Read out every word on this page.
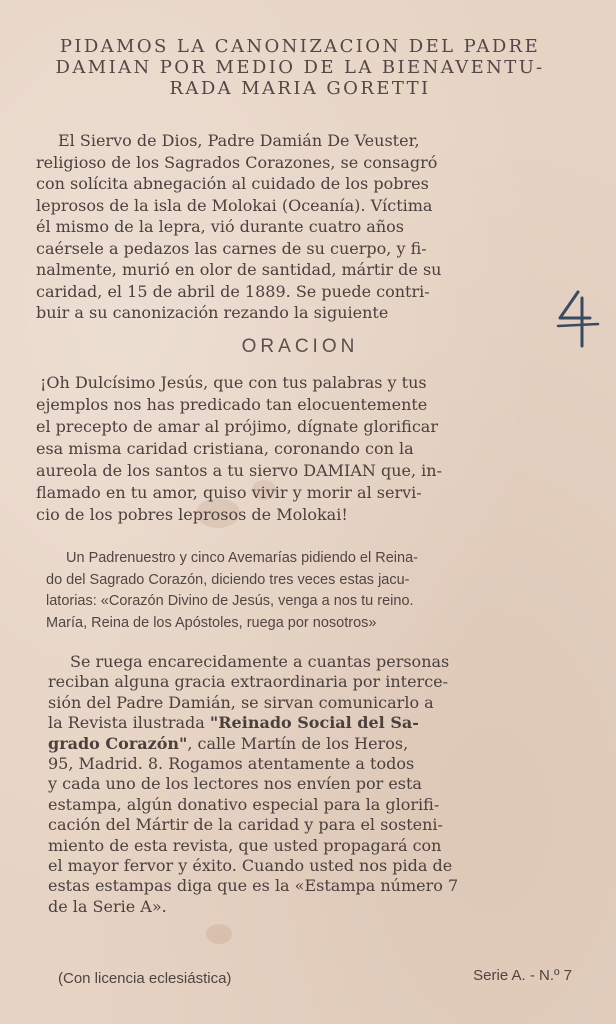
PIDAMOS LA CANONIZACION DEL PADRE
DAMIAN POR MEDIO DE LA BIENAVENTU-
RADA MARIA GORETTI
El Siervo de Dios, Padre Damián De Veuster,
religioso de los Sagrados Corazones, se consagró
con solícita abnegación al cuidado de los pobres
leprosos de la isla de Molokai (Oceanía). Víctima
él mismo de la lepra, vió durante cuatro años
caérsele a pedazos las carnes de su cuerpo, y fi-
nalmente, murió en olor de santidad, mártir de su
caridad, el 15 de abril de 1889. Se puede contri-
buir a su canonización rezando la siguiente
ORACION
¡Oh Dulcísimo Jesús, que con tus palabras y tus
ejemplos nos has predicado tan elocuentemente
el precepto de amar al prójimo, dígnate glorificar
esa misma caridad cristiana, coronando con la
aureola de los santos a tu siervo DAMIAN que, in-
flamado en tu amor, quiso vivir y morir al servi-
cio de los pobres leprosos de Molokai!
Un Padrenuestro y cinco Avemarías pidiendo el Reina-
do del Sagrado Corazón, diciendo tres veces estas jacu-
latorias: «Corazón Divino de Jesús, venga a nos tu reino.
María, Reina de los Apóstoles, ruega por nosotros»
Se ruega encarecidamente a cuantas personas
reciban alguna gracia extraordinaria por interce-
sión del Padre Damián, se sirvan comunicarlo a
la Revista ilustrada "Reinado Social del Sa-
grado Corazón", calle Martín de los Heros,
95, Madrid. 8. Rogamos atentamente a todos
y cada uno de los lectores nos envíen por esta
estampa, algún donativo especial para la glorifi-
cación del Mártir de la caridad y para el sosteni-
miento de esta revista, que usted propagará con
el mayor fervor y éxito. Cuando usted nos pida de
estas estampas diga que es la «Estampa número 7
de la Serie A».
(Con licencia eclesiástica)	Serie A. - N.º 7
